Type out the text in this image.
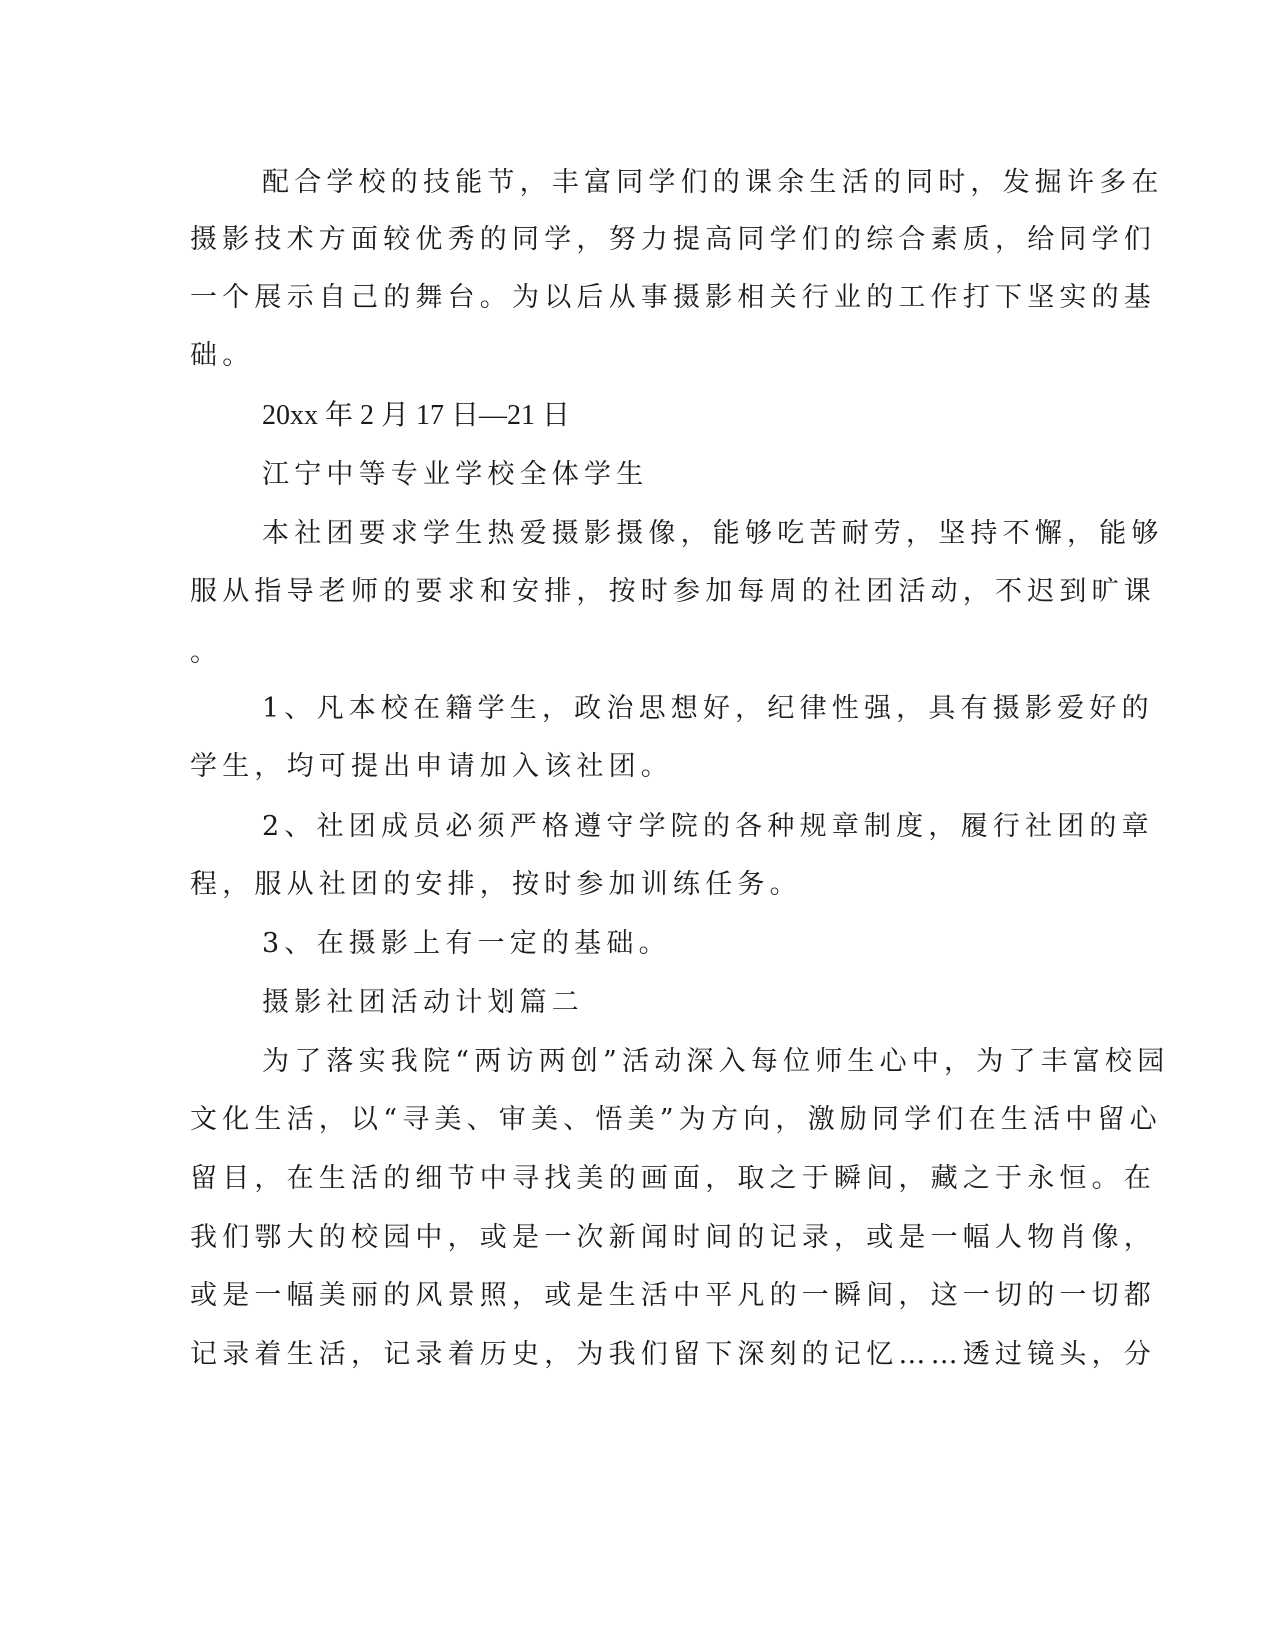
配合学校的技能节，丰富同学们的课余生活的同时，发掘许多在
摄影技术方面较优秀的同学，努力提高同学们的综合素质，给同学们
一个展示自己的舞台。为以后从事摄影相关行业的工作打下坚实的基
础。
20xx 年 2 月 17 日—21 日
江宁中等专业学校全体学生
本社团要求学生热爱摄影摄像，能够吃苦耐劳，坚持不懈，能够
服从指导老师的要求和安排，按时参加每周的社团活动，不迟到旷课
。
1、凡本校在籍学生，政治思想好，纪律性强，具有摄影爱好的
学生，均可提出申请加入该社团。
2、社团成员必须严格遵守学院的各种规章制度，履行社团的章
程，服从社团的安排，按时参加训练任务。
3、在摄影上有一定的基础。
摄影社团活动计划篇二
为了落实我院“两访两创”活动深入每位师生心中，为了丰富校园
文化生活，以“寻美、审美、悟美”为方向，激励同学们在生活中留心
留目，在生活的细节中寻找美的画面，取之于瞬间，藏之于永恒。在
我们鄂大的校园中，或是一次新闻时间的记录，或是一幅人物肖像，
或是一幅美丽的风景照，或是生活中平凡的一瞬间，这一切的一切都
记录着生活，记录着历史，为我们留下深刻的记忆……透过镜头，分
